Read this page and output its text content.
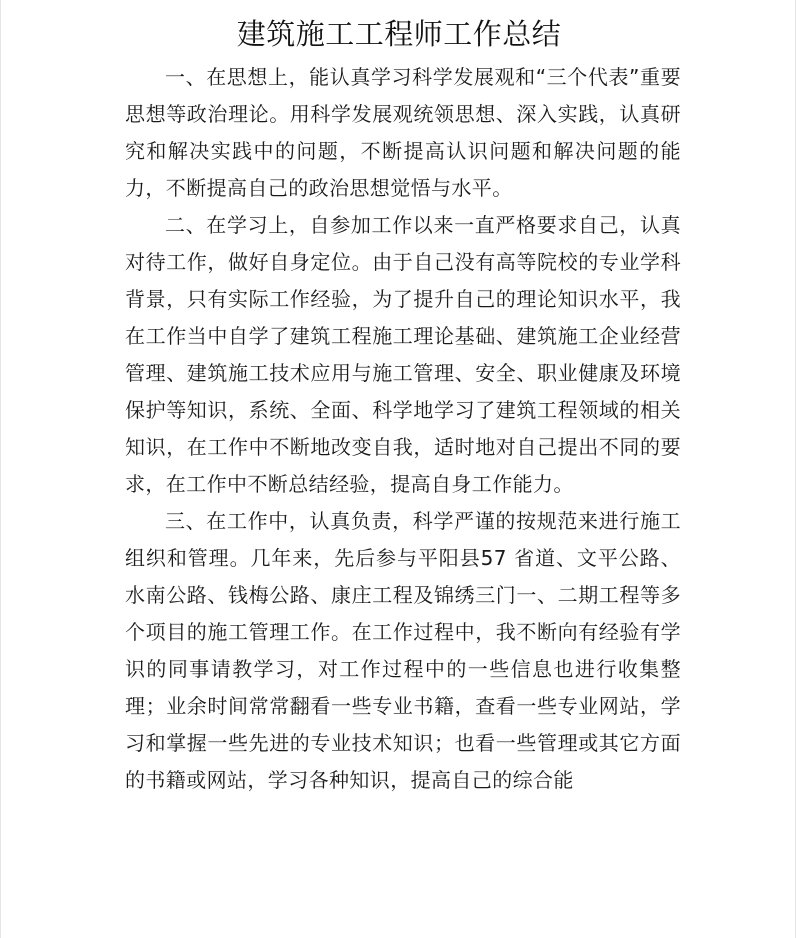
建筑施工工程师工作总结

一、在思想上，能认真学习科学发展观和“三个代表”重要思想等政治理论。用科学发展观统领思想、深入实践，认真研究和解决实践中的问题，不断提高认识问题和解决问题的能力，不断提高自己的政治思想觉悟与水平。

二、在学习上，自参加工作以来一直严格要求自己，认真对待工作，做好自身定位。由于自己没有高等院校的专业学科背景，只有实际工作经验，为了提升自己的理论知识水平，我在工作当中自学了建筑工程施工理论基础、建筑施工企业经营管理、建筑施工技术应用与施工管理、安全、职业健康及环境保护等知识，系统、全面、科学地学习了建筑工程领域的相关知识，在工作中不断地改变自我，适时地对自己提出不同的要求，在工作中不断总结经验，提高自身工作能力。

三、在工作中，认真负责，科学严谨的按规范来进行施工组织和管理。几年来，先后参与平阳县57 省道、文平公路、水南公路、钱梅公路、康庄工程及锦绣三门一、二期工程等多个项目的施工管理工作。在工作过程中，我不断向有经验有学识的同事请教学习，对工作过程中的一些信息也进行收集整理；业余时间常常翻看一些专业书籍，查看一些专业网站，学习和掌握一些先进的专业技术知识；也看一些管理或其它方面的书籍或网站，学习各种知识，提高自己的综合能
